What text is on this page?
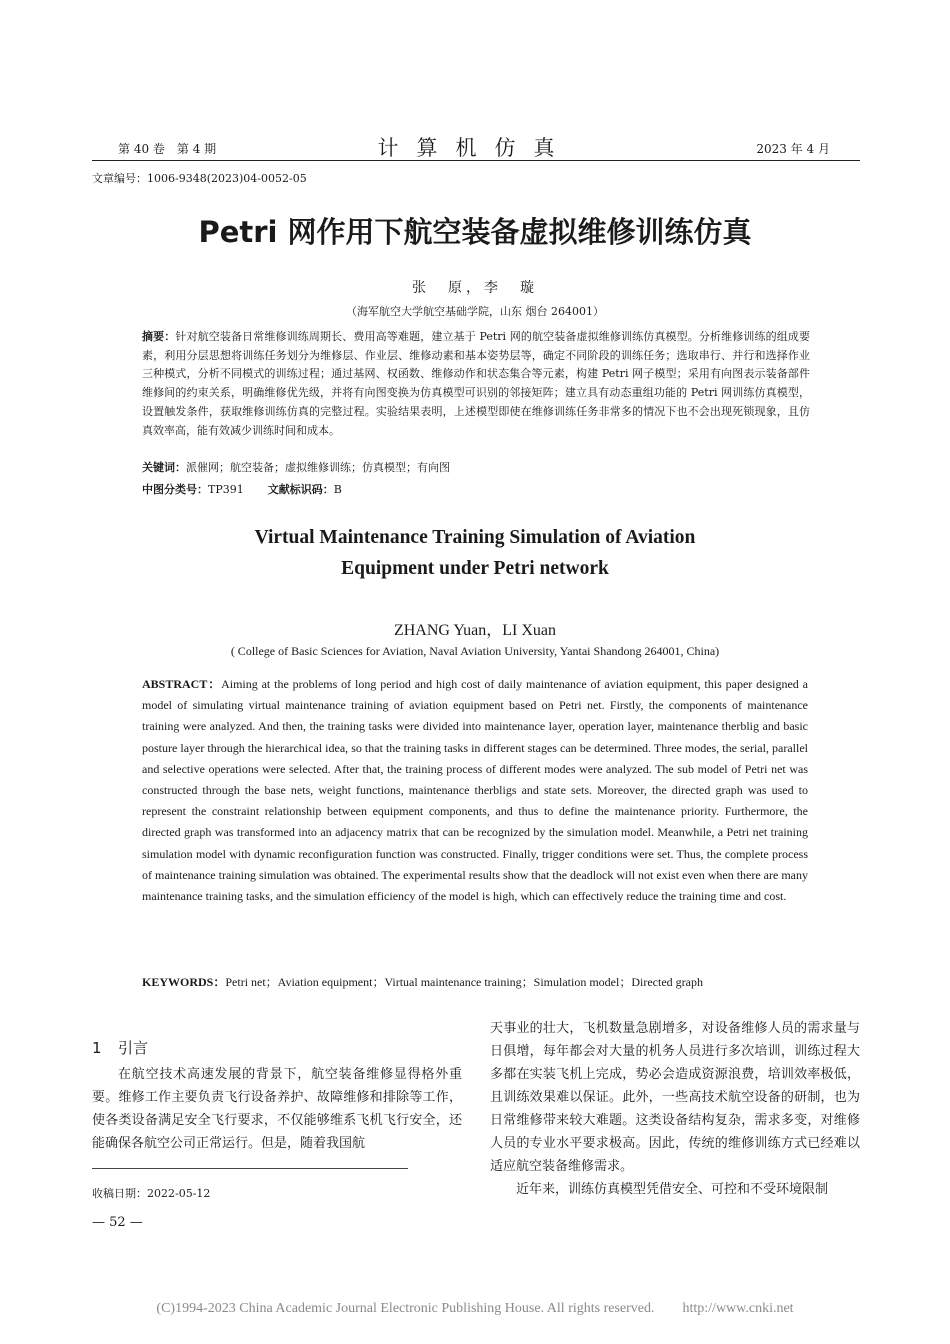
第 40 卷　第 4 期	计算机仿真	2023 年 4 月
文章编号：1006-9348(2023)04-0052-05
Petri 网作用下航空装备虚拟维修训练仿真
张　原，李　璇
（海军航空大学航空基础学院，山东 烟台 264001）
摘要：针对航空装备日常维修训练周期长、费用高等难题，建立基于 Petri 网的航空装备虚拟维修训练仿真模型。分析维修训练的组成要素，利用分层思想将训练任务划分为维修层、作业层、维修动素和基本姿势层等，确定不同阶段的训练任务；选取串行、并行和选择作业三种模式，分析不同模式的训练过程；通过基网、权函数、维修动作和状态集合等元素，构建 Petri 网子模型；采用有向图表示装备部件维修间的约束关系，明确维修优先级，并将有向图变换为仿真模型可识别的邻接矩阵；建立具有动态重组功能的 Petri 网训练仿真模型，设置触发条件，获取维修训练仿真的完整过程。实验结果表明，上述模型即使在维修训练任务非常多的情况下也不会出现死锁现象，且仿真效率高，能有效减少训练时间和成本。
关键词：派催网；航空装备；虚拟维修训练；仿真模型；有向图
中图分类号：TP391 文献标识码：B
Virtual Maintenance Training Simulation of Aviation
Equipment under Petri network
ZHANG Yuan，LI Xuan
( College of Basic Sciences for Aviation, Naval Aviation University, Yantai Shandong 264001, China)
ABSTRACT：Aiming at the problems of long period and high cost of daily maintenance of aviation equipment, this paper designed a model of simulating virtual maintenance training of aviation equipment based on Petri net. Firstly, the components of maintenance training were analyzed. And then, the training tasks were divided into maintenance layer, operation layer, maintenance therblig and basic posture layer through the hierarchical idea, so that the training tasks in different stages can be determined. Three modes, the serial, parallel and selective operations were selected. After that, the training process of different modes were analyzed. The sub model of Petri net was constructed through the base nets, weight functions, maintenance therbligs and state sets. Moreover, the directed graph was used to represent the constraint relationship between equipment components, and thus to define the maintenance priority. Furthermore, the directed graph was transformed into an adjacency matrix that can be recognized by the simulation model. Meanwhile, a Petri net training simulation model with dynamic reconfiguration function was constructed. Finally, trigger conditions were set. Thus, the complete process of maintenance training simulation was obtained. The experimental results show that the deadlock will not exist even when there are many maintenance training tasks, and the simulation efficiency of the model is high, which can effectively reduce the training time and cost.
KEYWORDS：Petri net；Aviation equipment；Virtual maintenance training；Simulation model；Directed graph
1 引言
在航空技术高速发展的背景下，航空装备维修显得格外重要。维修工作主要负责飞行设备养护、故障维修和排除等工作，使各类设备满足安全飞行要求，不仅能够维系飞机飞行安全，还能确保各航空公司正常运行。但是，随着我国航
天事业的壮大，飞机数量急剧增多，对设备维修人员的需求量与日俱增，每年都会对大量的机务人员进行多次培训，训练过程大多都在实装飞机上完成，势必会造成资源浪费，培训效率极低，且训练效果难以保证。此外，一些高技术航空设备的研制，也为日常维修带来较大难题。这类设备结构复杂，需求多变，对维修人员的专业水平要求极高。因此，传统的维修训练方式已经难以适应航空装备维修需求。
近年来，训练仿真模型凭借安全、可控和不受环境限制
收稿日期：2022-05-12
— 52 —
(C)1994-2023 China Academic Journal Electronic Publishing House. All rights reserved.　　http://www.cnki.net
